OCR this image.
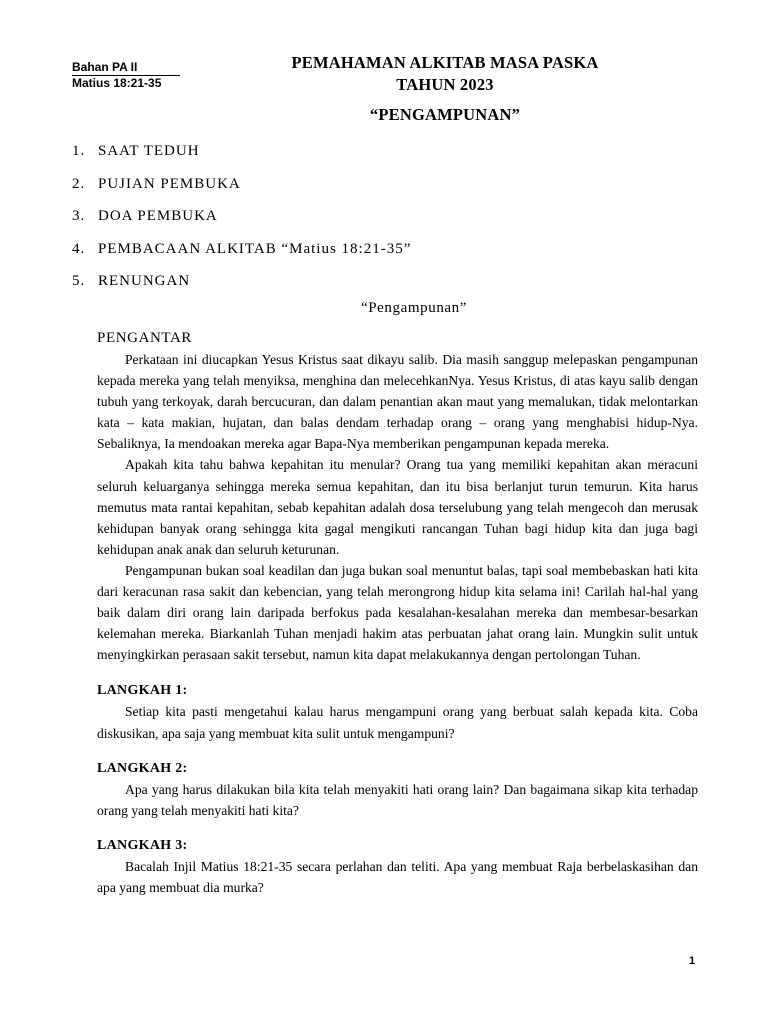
Bahan PA II
Matius 18:21-35
PEMAHAMAN ALKITAB MASA PASKA
TAHUN 2023
“PENGAMPUNAN”
1. SAAT TEDUH
2. PUJIAN PEMBUKA
3. DOA PEMBUKA
4. PEMBACAAN ALKITAB “Matius 18:21-35”
5. RENUNGAN
“Pengampunan”
PENGANTAR

Perkataan ini diucapkan Yesus Kristus saat dikayu salib. Dia masih sanggup melepaskan pengampunan kepada mereka yang telah menyiksa, menghina dan melecehkanNya. Yesus Kristus, di atas kayu salib dengan tubuh yang terkoyak, darah bercucuran, dan dalam penantian akan maut yang memalukan, tidak melontarkan kata – kata makian, hujatan, dan balas dendam terhadap orang – orang yang menghabisi hidup-Nya. Sebaliknya, Ia mendoakan mereka agar Bapa-Nya memberikan pengampunan kepada mereka.

Apakah kita tahu bahwa kepahitan itu menular? Orang tua yang memiliki kepahitan akan meracuni seluruh keluarganya sehingga mereka semua kepahitan, dan itu bisa berlanjut turun temurun. Kita harus memutus mata rantai kepahitan, sebab kepahitan adalah dosa terselubung yang telah mengecoh dan merusak kehidupan banyak orang sehingga kita gagal mengikuti rancangan Tuhan bagi hidup kita dan juga bagi kehidupan anak anak dan seluruh keturunan.

Pengampunan bukan soal keadilan dan juga bukan soal menuntut balas, tapi soal membebaskan hati kita dari keracunan rasa sakit dan kebencian, yang telah merongrong hidup kita selama ini! Carilah hal-hal yang baik dalam diri orang lain daripada berfokus pada kesalahan-kesalahan mereka dan membesar-besarkan kelemahan mereka. Biarkanlah Tuhan menjadi hakim atas perbuatan jahat orang lain. Mungkin sulit untuk menyingkirkan perasaan sakit tersebut, namun kita dapat melakukannya dengan pertolongan Tuhan.

LANGKAH 1:

Setiap kita pasti mengetahui kalau harus mengampuni orang yang berbuat salah kepada kita. Coba diskusikan, apa saja yang membuat kita sulit untuk mengampuni?

LANGKAH 2:

Apa yang harus dilakukan bila kita telah menyakiti hati orang lain? Dan bagaimana sikap kita terhadap orang yang telah menyakiti hati kita?

LANGKAH 3:

Bacalah Injil Matius 18:21-35 secara perlahan dan teliti. Apa yang membuat Raja berbelaskasihan dan apa yang membuat dia murka?

1
